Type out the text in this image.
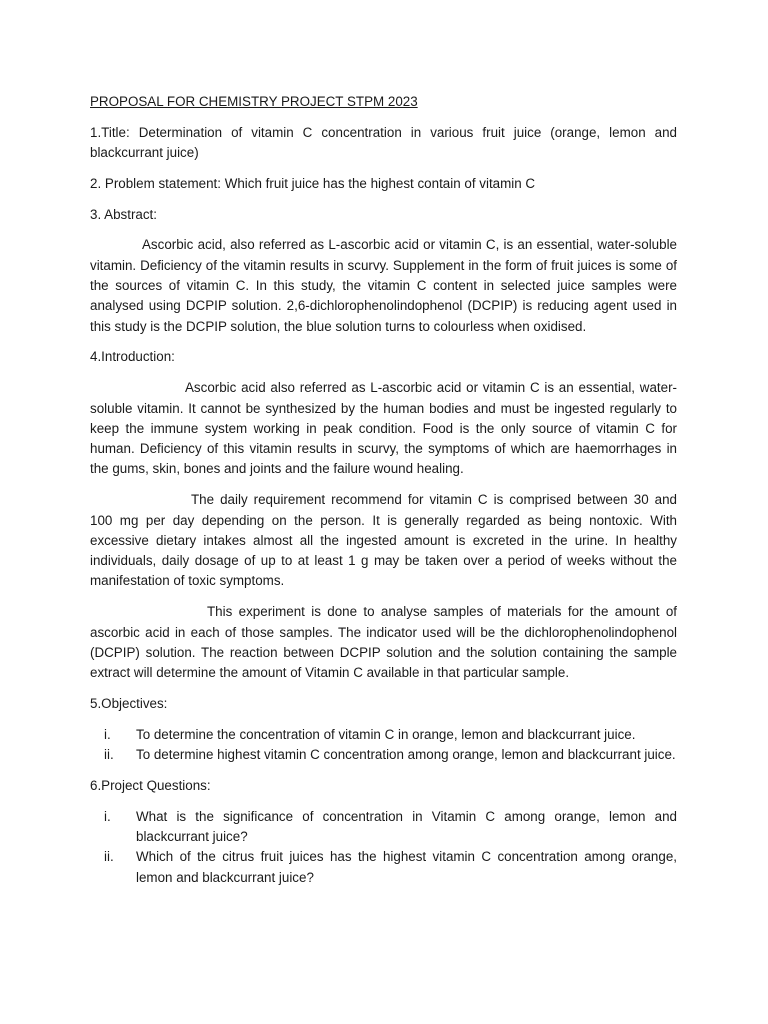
PROPOSAL FOR CHEMISTRY PROJECT STPM 2023

1.Title: Determination of vitamin C concentration in various fruit juice (orange, lemon and blackcurrant juice)

2. Problem statement: Which fruit juice has the highest contain of vitamin C

3. Abstract:

Ascorbic acid, also referred as L-ascorbic acid or vitamin C, is an essential, water-soluble vitamin. Deficiency of the vitamin results in scurvy. Supplement in the form of fruit juices is some of the sources of vitamin C. In this study, the vitamin C content in selected juice samples were analysed using DCPIP solution. 2,6-dichlorophenolindophenol (DCPIP) is reducing agent used in this study is the DCPIP solution, the blue solution turns to colourless when oxidised.

4.Introduction:

Ascorbic acid also referred as L-ascorbic acid or vitamin C is an essential, water-soluble vitamin. It cannot be synthesized by the human bodies and must be ingested regularly to keep the immune system working in peak condition. Food is the only source of vitamin C for human. Deficiency of this vitamin results in scurvy, the symptoms of which are haemorrhages in the gums, skin, bones and joints and the failure wound healing.

The daily requirement recommend for vitamin C is comprised between 30 and 100 mg per day depending on the person. It is generally regarded as being nontoxic. With excessive dietary intakes almost all the ingested amount is excreted in the urine. In healthy individuals, daily dosage of up to at least 1 g may be taken over a period of weeks without the manifestation of toxic symptoms.

This experiment is done to analyse samples of materials for the amount of ascorbic acid in each of those samples. The indicator used will be the dichlorophenolindophenol (DCPIP) solution. The reaction between DCPIP solution and the solution containing the sample extract will determine the amount of Vitamin C available in that particular sample.

5.Objectives:

i.	To determine the concentration of vitamin C in orange, lemon and blackcurrant juice.
ii.	To determine highest vitamin C concentration among orange, lemon and blackcurrant juice.

6.Project Questions:

i.	What is the significance of concentration in Vitamin C among orange, lemon and blackcurrant juice?
ii.	Which of the citrus fruit juices has the highest vitamin C concentration among orange, lemon and blackcurrant juice?
